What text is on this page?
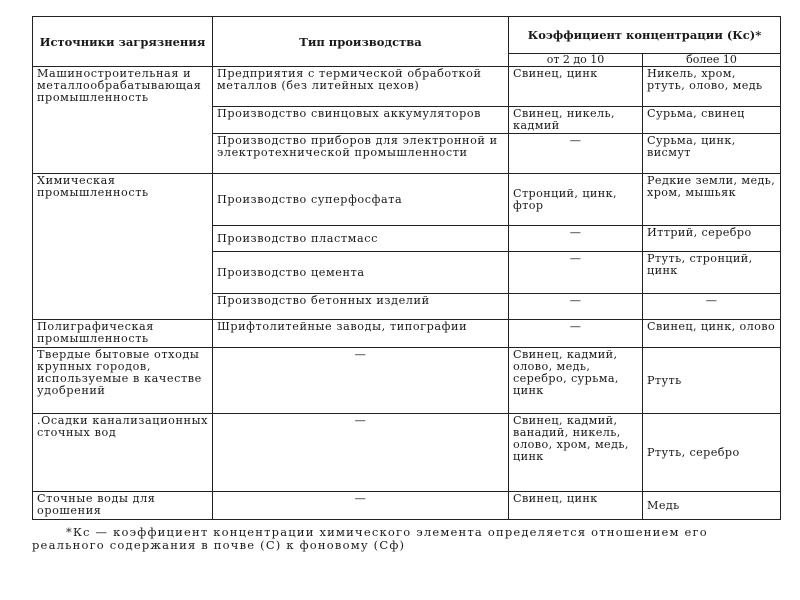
Источники загрязнения	Тип производства	Коэффициент концентрации (Кс)*	
		от 2 до 10	более 10
Машиностроительная и металлообрабатывающая промышленность	Предприятия с термической обработкой металлов (без литейных цехов)	Свинец, цинк	Никель, хром, ртуть, олово, медь
	Производство свинцовых аккумуляторов	Свинец, никель, кадмий	Сурьма, свинец
	Производство приборов для электронной и электротехнической промышленности	—	Сурьма, цинк, висмут
Химическая промышленность	Производство суперфосфата	Стронций, цинк, фтор	Редкие земли, медь, хром, мышьяк
	Производство пластмасс	—	Иттрий, серебро
	Производство цемента	—	Ртуть, стронций, цинк
	Производство бетонных изделий	—	—
Полиграфическая промышленность	Шрифтолитейные заводы, типографии	—	Свинец, цинк, олово
Твердые бытовые отходы крупных городов, используемые в качестве удобрений	—	Свинец, кадмий, олово, медь, серебро, сурьма, цинк	Ртуть
.Осадки канализационных сточных вод	—	Свинец, кадмий, ванадий, никель, олово, хром, медь, цинк	Ртуть, серебро
Сточные воды для орошения	—	Свинец, цинк	Медь
*Кс — коэффициент концентрации химического элемента определяется отношением его реального содержания в почве (С) к фоновому (Сф)
